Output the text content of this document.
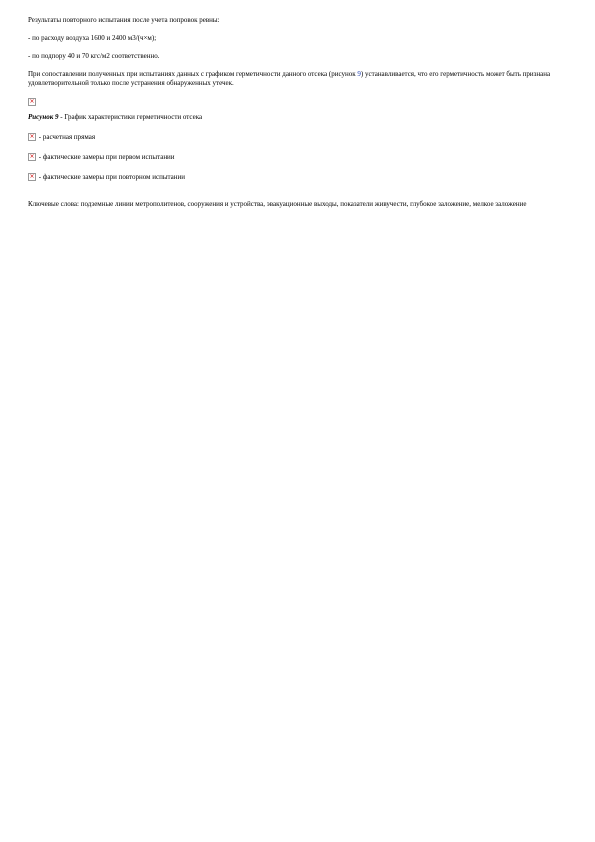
Результаты повторного испытания после учета попровок ревны:

- по расходу воздуха 1600 и 2400 м3/(ч×м);

- по подпору 40 и 70 кгс/м2 соответственно.

При сопоставлении полученных при испытаниях данных с графиком герметичности данного отсека (рисунок 9) устанавливается, что его герметичность может быть признана удовлетворительной только после устранения обнаруженных утечек.

×

Рисунок 9 - График характеристики герметичности отсека

× - расчетная прямая

× - фактические замеры при первом испытании

× - фактические замеры при повторном испытании

Ключевые слова: подземные линии метрополитенов, сооружения и устройства, эвакуационные выходы, показатели живучести, глубокое заложение, мелкое заложение
